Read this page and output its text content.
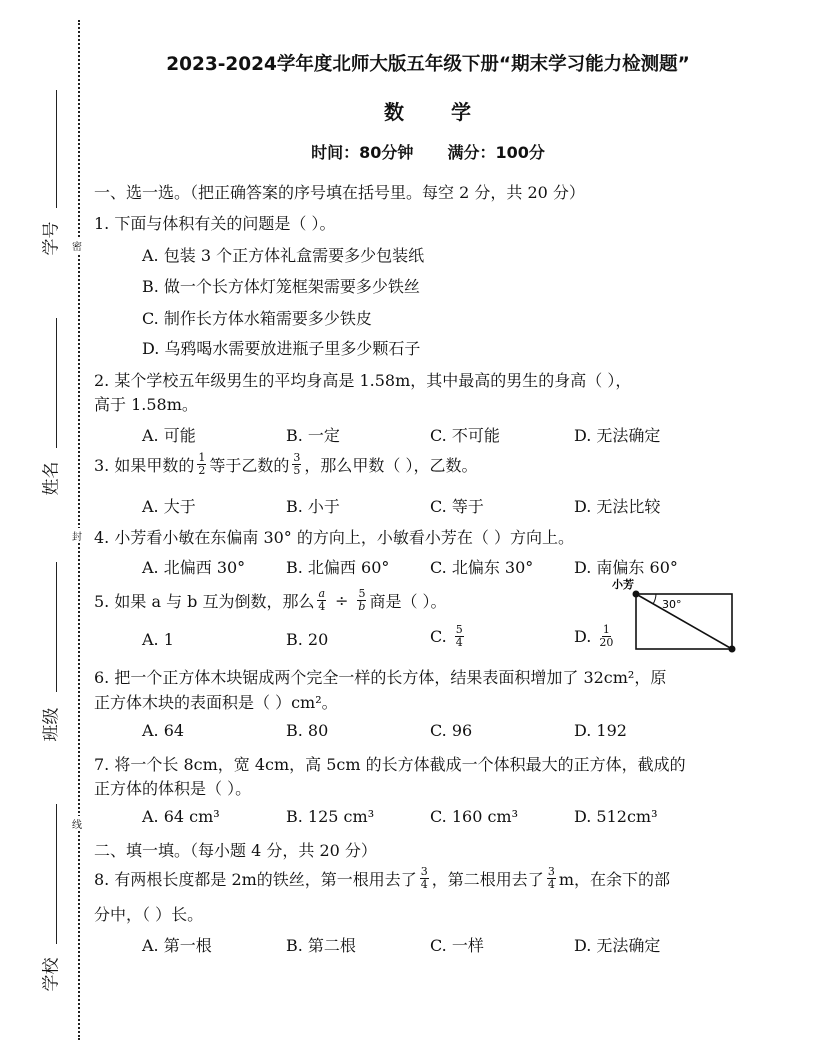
学号
姓名
班级
学校
密
封
线
2023-2024学年度北师大版五年级下册“期末学习能力检测题”
数 学
时间：80分钟 满分：100分
一、选一选。（把正确答案的序号填在括号里。每空 2 分，共 20 分）
1. 下面与体积有关的问题是（ ）。
A. 包装 3 个正方体礼盒需要多少包装纸
B. 做一个长方体灯笼框架需要多少铁丝
C. 制作长方体水箱需要多少铁皮
D. 乌鸦喝水需要放进瓶子里多少颗石子
2. 某个学校五年级男生的平均身高是 1.58m，其中最高的男生的身高（ ），
高于 1.58m。
A. 可能	B. 一定	C. 不可能	D. 无法确定
3. 如果甲数的 $\frac{1}{2}$ 等于乙数的 $\frac{3}{5}$ ，那么甲数（ ），乙数。
A. 大于	B. 小于	C. 等于	D. 无法比较
4. 小芳看小敏在东偏南 30° 的方向上，小敏看小芳在（ ）方向上。
A. 北偏西 30°	B. 北偏西 60°	C. 北偏东 30°	D. 南偏东 60°
小芳
30°
5. 如果 a 与 b 互为倒数，那么 $\frac{a}{4} \div \frac{5}{b}$ 商是（ ）。
A. 1	B. 20	C. $\frac{5}{4}$	D. $\frac{1}{20}$
6. 把一个正方体木块锯成两个完全一样的长方体，结果表面积增加了 32cm²，原
正方体木块的表面积是（ ）cm²。
A. 64	B. 80	C. 96	D. 192
7. 将一个长 8cm，宽 4cm，高 5cm 的长方体截成一个体积最大的正方体，截成的
正方体的体积是（ ）。
A. 64 cm³	B. 125 cm³	C. 160 cm³	D. 512cm³
二、填一填。（每小题 4 分，共 20 分）
8. 有两根长度都是 2m的铁丝，第一根用去了 $\frac{3}{4}$ ，第二根用去了 $\frac{3}{4}$ m，在余下的部
分中，（ ）长。
A. 第一根	B. 第二根	C. 一样	D. 无法确定
